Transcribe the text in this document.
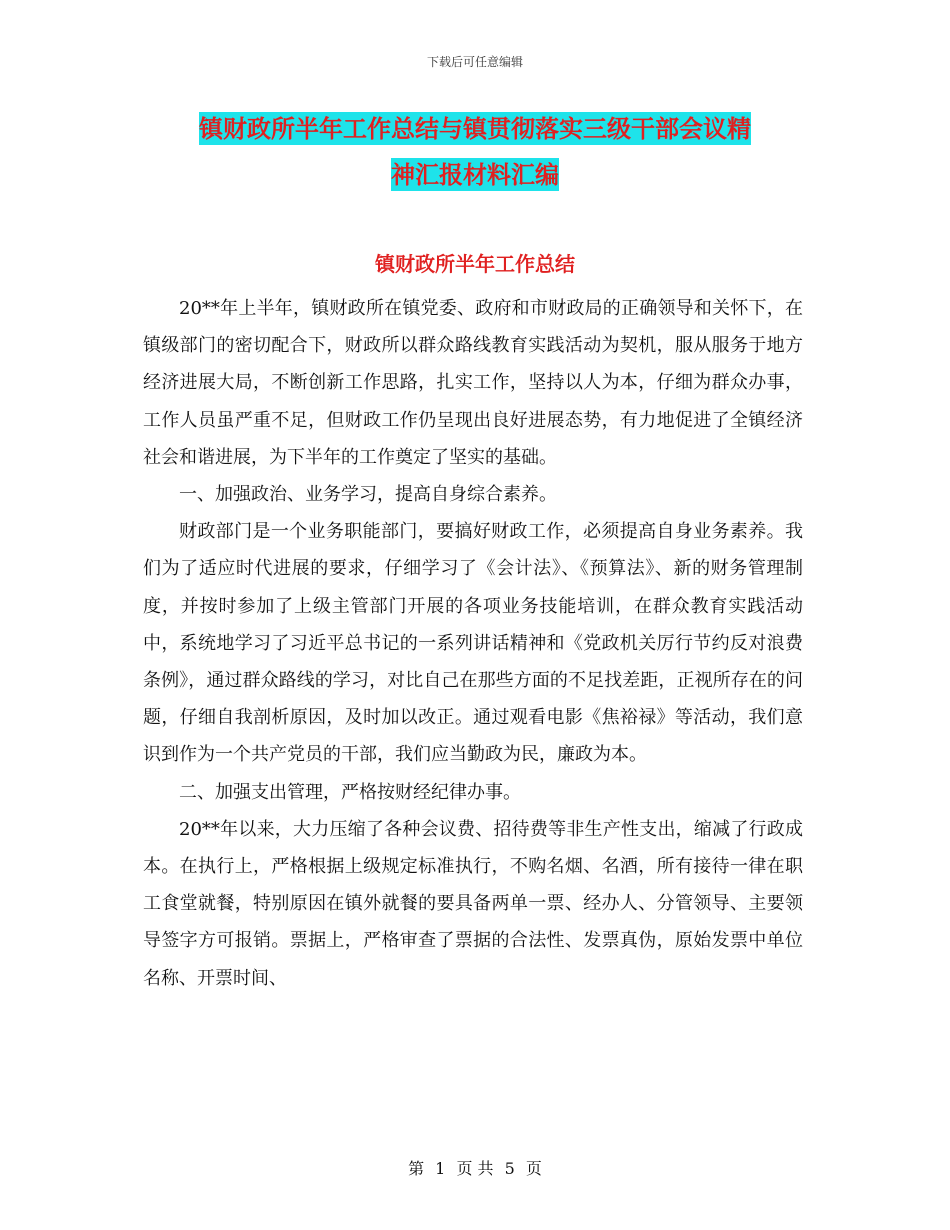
下载后可任意编辑
镇财政所半年工作总结与镇贯彻落实三级干部会议精
神汇报材料汇编
镇财政所半年工作总结

20**年上半年，镇财政所在镇党委、政府和市财政局的正确领导和关怀下，在镇级部门的密切配合下，财政所以群众路线教育实践活动为契机，服从服务于地方经济进展大局，不断创新工作思路，扎实工作，坚持以人为本，仔细为群众办事，工作人员虽严重不足，但财政工作仍呈现出良好进展态势，有力地促进了全镇经济社会和谐进展，为下半年的工作奠定了坚实的基础。

一、加强政治、业务学习，提高自身综合素养。

财政部门是一个业务职能部门，要搞好财政工作，必须提高自身业务素养。我们为了适应时代进展的要求，仔细学习了《会计法》、《预算法》、新的财务管理制度，并按时参加了上级主管部门开展的各项业务技能培训，在群众教育实践活动中，系统地学习了习近平总书记的一系列讲话精神和《党政机关厉行节约反对浪费条例》，通过群众路线的学习，对比自己在那些方面的不足找差距，正视所存在的问题，仔细自我剖析原因，及时加以改正。通过观看电影《焦裕禄》等活动，我们意识到作为一个共产党员的干部，我们应当勤政为民，廉政为本。

二、加强支出管理，严格按财经纪律办事。

20**年以来，大力压缩了各种会议费、招待费等非生产性支出，缩减了行政成本。在执行上，严格根据上级规定标准执行，不购名烟、名酒，所有接待一律在职工食堂就餐，特别原因在镇外就餐的要具备两单一票、经办人、分管领导、主要领导签字方可报销。票据上，严格审查了票据的合法性、发票真伪，原始发票中单位名称、开票时间、

第 1 页 共 5 页
